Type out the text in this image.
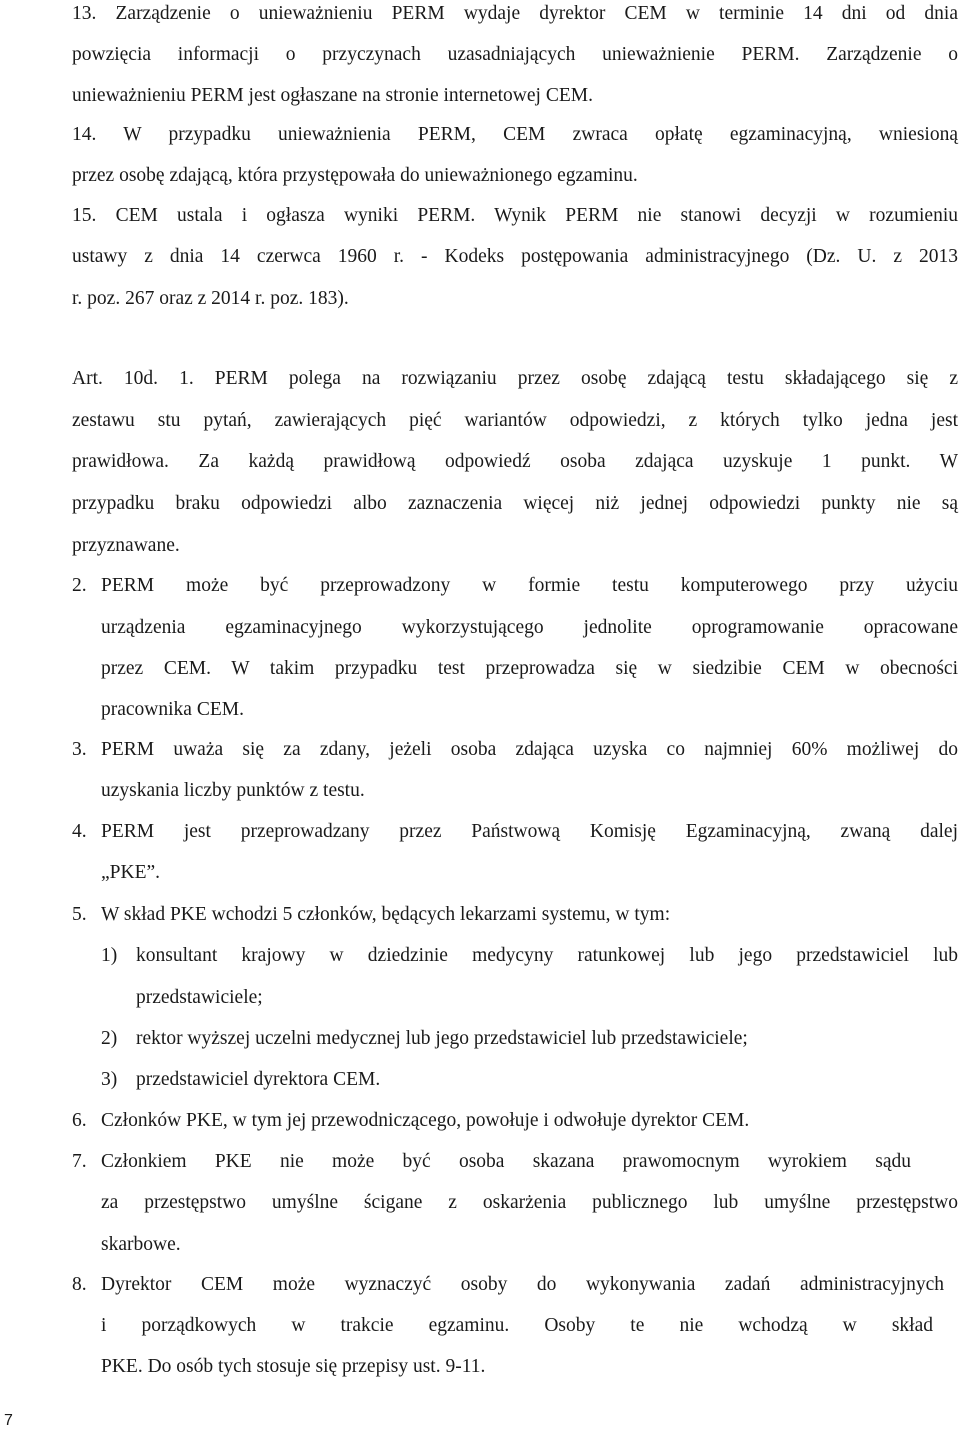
13. Zarządzenie o unieważnieniu PERM wydaje dyrektor CEM w terminie 14 dni od dnia
powzięcia informacji o przyczynach uzasadniających unieważnienie PERM. Zarządzenie o
unieważnieniu PERM jest ogłaszane na stronie internetowej CEM.
14. W przypadku unieważnienia PERM, CEM zwraca opłatę egzaminacyjną, wniesioną
przez osobę zdającą, która przystępowała do unieważnionego egzaminu.
15. CEM ustala i ogłasza wyniki PERM. Wynik PERM nie stanowi decyzji w rozumieniu
ustawy z dnia 14 czerwca 1960 r. - Kodeks postępowania administracyjnego (Dz. U. z 2013
r. poz. 267 oraz z 2014 r. poz. 183).
Art. 10d. 1. PERM polega na rozwiązaniu przez osobę zdającą testu składającego się z
zestawu stu pytań, zawierających pięć wariantów odpowiedzi, z których tylko jedna jest
prawidłowa. Za każdą prawidłową odpowiedź osoba zdająca uzyskuje 1 punkt. W
przypadku braku odpowiedzi albo zaznaczenia więcej niż jednej odpowiedzi punkty nie są
przyznawane.
2. PERM może być przeprowadzony w formie testu komputerowego przy użyciu
urządzenia egzaminacyjnego wykorzystującego jednolite oprogramowanie opracowane
przez CEM. W takim przypadku test przeprowadza się w siedzibie CEM w obecności
pracownika CEM.
3. PERM uważa się za zdany, jeżeli osoba zdająca uzyska co najmniej 60% możliwej do
uzyskania liczby punktów z testu.
4. PERM jest przeprowadzany przez Państwową Komisję Egzaminacyjną, zwaną dalej
„PKE”.
5. W skład PKE wchodzi 5 członków, będących lekarzami systemu, w tym:
1) konsultant krajowy w dziedzinie medycyny ratunkowej lub jego przedstawiciel lub
przedstawiciele;
2) rektor wyższej uczelni medycznej lub jego przedstawiciel lub przedstawiciele;
3) przedstawiciel dyrektora CEM.
6. Członków PKE, w tym jej przewodniczącego, powołuje i odwołuje dyrektor CEM.
7. Członkiem PKE nie może być osoba skazana prawomocnym wyrokiem sądu
za przestępstwo umyślne ścigane z oskarżenia publicznego lub umyślne przestępstwo
skarbowe.
8. Dyrektor CEM może wyznaczyć osoby do wykonywania zadań administracyjnych
i porządkowych w trakcie egzaminu. Osoby te nie wchodzą w skład
PKE. Do osób tych stosuje się przepisy ust. 9-11.
7
